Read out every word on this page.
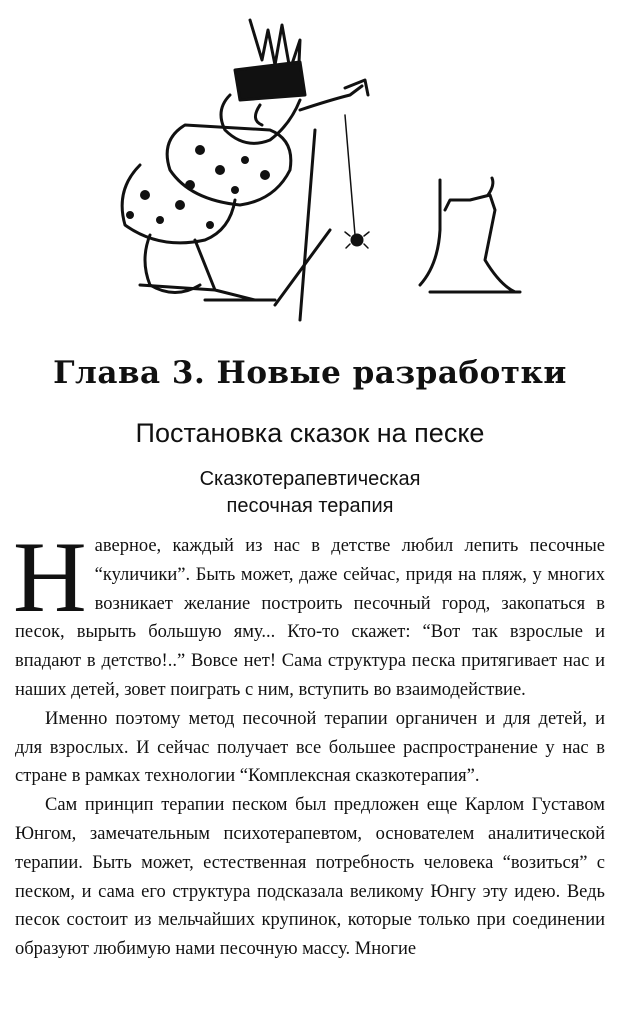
Глава 3. Новые разработки
Постановка сказок на песке
Сказкотерапевтическая
песочная терапия

Наверное, каждый из нас в детстве любил лепить песочные “куличики”. Быть может, даже сейчас, придя на пляж, у многих возникает желание построить песочный город, закопаться в песок, вырыть большую яму... Кто-то скажет: “Вот так взрослые и впадают в детство!..” Вовсе нет! Сама структура песка притягивает нас и наших детей, зовет поиграть с ним, вступить во взаимодействие.

Именно поэтому метод песочной терапии органичен и для детей, и для взрослых. И сейчас получает все большее распространение у нас в стране в рамках технологии “Комплексная сказкотерапия”.

Сам принцип терапии песком был предложен еще Карлом Густавом Юнгом, замечательным психотерапевтом, основателем аналитической терапии. Быть может, естественная потребность человека “возиться” с песком, и сама его структура подсказала великому Юнгу эту идею. Ведь песок состоит из мельчайших крупинок, которые только при соединении образуют любимую нами песочную массу. Многие
